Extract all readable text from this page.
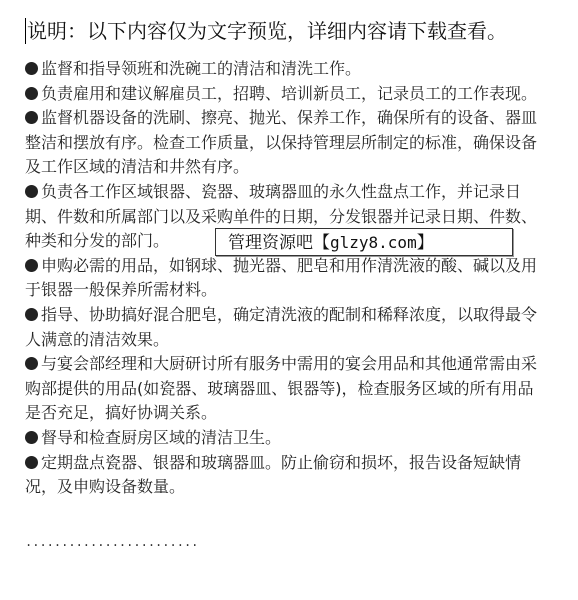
说明：以下内容仅为文字预览，详细内容请下载查看。

监督和指导领班和洗碗工的清洁和清洗工作。

负责雇用和建议解雇员工，招聘、培训新员工，记录员工的工作表现。

监督机器设备的洗刷、擦亮、抛光、保养工作，确保所有的设备、器皿整洁和摆放有序。检查工作质量，以保持管理层所制定的标准，确保设备及工作区域的清洁和井然有序。

负责各工作区域银器、瓷器、玻璃器皿的永久性盘点工作，并记录日期、件数和所属部门以及采购单件的日期，分发银器并记录日期、件数、种类和分发的部门。

申购必需的用品，如钢球、抛光器、肥皂和用作清洗液的酸、碱以及用于银器一般保养所需材料。

指导、协助搞好混合肥皂，确定清洗液的配制和稀释浓度，以取得最令人满意的清洁效果。

与宴会部经理和大厨研讨所有服务中需用的宴会用品和其他通常需由采购部提供的用品(如瓷器、玻璃器皿、银器等)，检查服务区域的所有用品是否充足，搞好协调关系。

督导和检查厨房区域的清洁卫生。

定期盘点瓷器、银器和玻璃器皿。防止偷窃和损坏，报告设备短缺情况，及申购设备数量。

........................
管理资源吧【glzy8.com】
